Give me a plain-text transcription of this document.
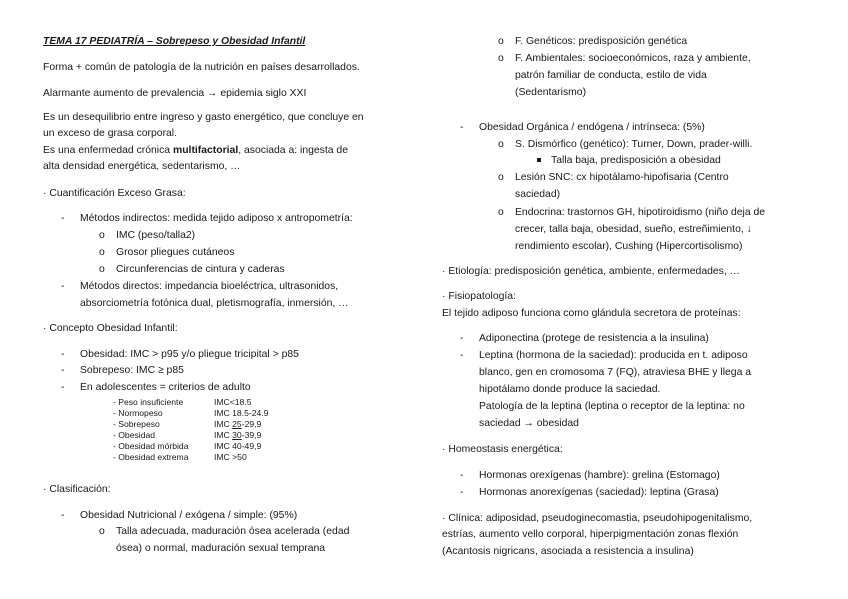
TEMA 17 PEDIATRÍA – Sobrepeso y Obesidad Infantil
Forma + común de patología de la nutrición en países desarrollados.
Alarmante aumento de prevalencia → epidemia siglo XXI
Es un desequilibrio entre ingreso y gasto energético, que concluye en
un exceso de grasa corporal.
Es una enfermedad crónica multifactorial, asociada a: ingesta de
alta densidad energética, sedentarismo, …
· Cuantificación Exceso Grasa:
- Métodos indirectos: medida tejido adiposo x antropometría:
o IMC (peso/talla2)
o Grosor pliegues cutáneos
o Circunferencias de cintura y caderas
- Métodos directos: impedancia bioeléctrica, ultrasonidos,
absorciometría fotónica dual, pletismografía, inmersión, …
· Concepto Obesidad Infantil:
- Obesidad: IMC > p95 y/o pliegue tricipital > p85
- Sobrepeso: IMC ≥ p85
- En adolescentes = criterios de adulto
- Peso insuficiente	IMC<18.5
- Normopeso	IMC 18.5-24.9
- Sobrepeso	IMC 25-29,9
- Obesidad	IMC 30-39,9
- Obesidad mórbida	IMC 40-49,9
- Obesidad extrema	IMC >50
· Clasificación:
- Obesidad Nutricional / exógena / simple: (95%)
o Talla adecuada, maduración ósea acelerada (edad
ósea) o normal, maduración sexual temprana
o F. Genéticos: predisposición genética
o F. Ambientales: socioeconómicos, raza y ambiente,
patrón familiar de conducta, estilo de vida
(Sedentarismo)
- Obesidad Orgánica / endógena / intrínseca: (5%)
o S. Dismórfico (genético): Turner, Down, prader-willi.
Talla baja, predisposición a obesidad
o Lesión SNC: cx hipotálamo-hipofisaria (Centro
saciedad)
o Endocrina: trastornos GH, hipotiroidismo (niño deja de
crecer, talla baja, obesidad, sueño, estreñimiento, ↓
rendimiento escolar), Cushing (Hipercortisolismo)
· Etiología: predisposición genética, ambiente, enfermedades, …
· Fisiopatología:
El tejido adiposo funciona como glándula secretora de proteínas:
- Adiponectina (protege de resistencia a la insulina)
- Leptina (hormona de la saciedad): producida en t. adiposo
blanco, gen en cromosoma 7 (FQ), atraviesa BHE y llega a
hipotálamo donde produce la saciedad.
Patología de la leptina (leptina o receptor de la leptina: no
saciedad → obesidad
· Homeostasis energética:
- Hormonas orexígenas (hambre): grelina (Estomago)
- Hormonas anorexígenas (saciedad): leptina (Grasa)
· Clínica: adiposidad, pseudoginecomastia, pseudohipogenitalismo,
estrías, aumento vello corporal, hiperpigmentación zonas flexión
(Acantosis nigricans, asociada a resistencia a insulina)
